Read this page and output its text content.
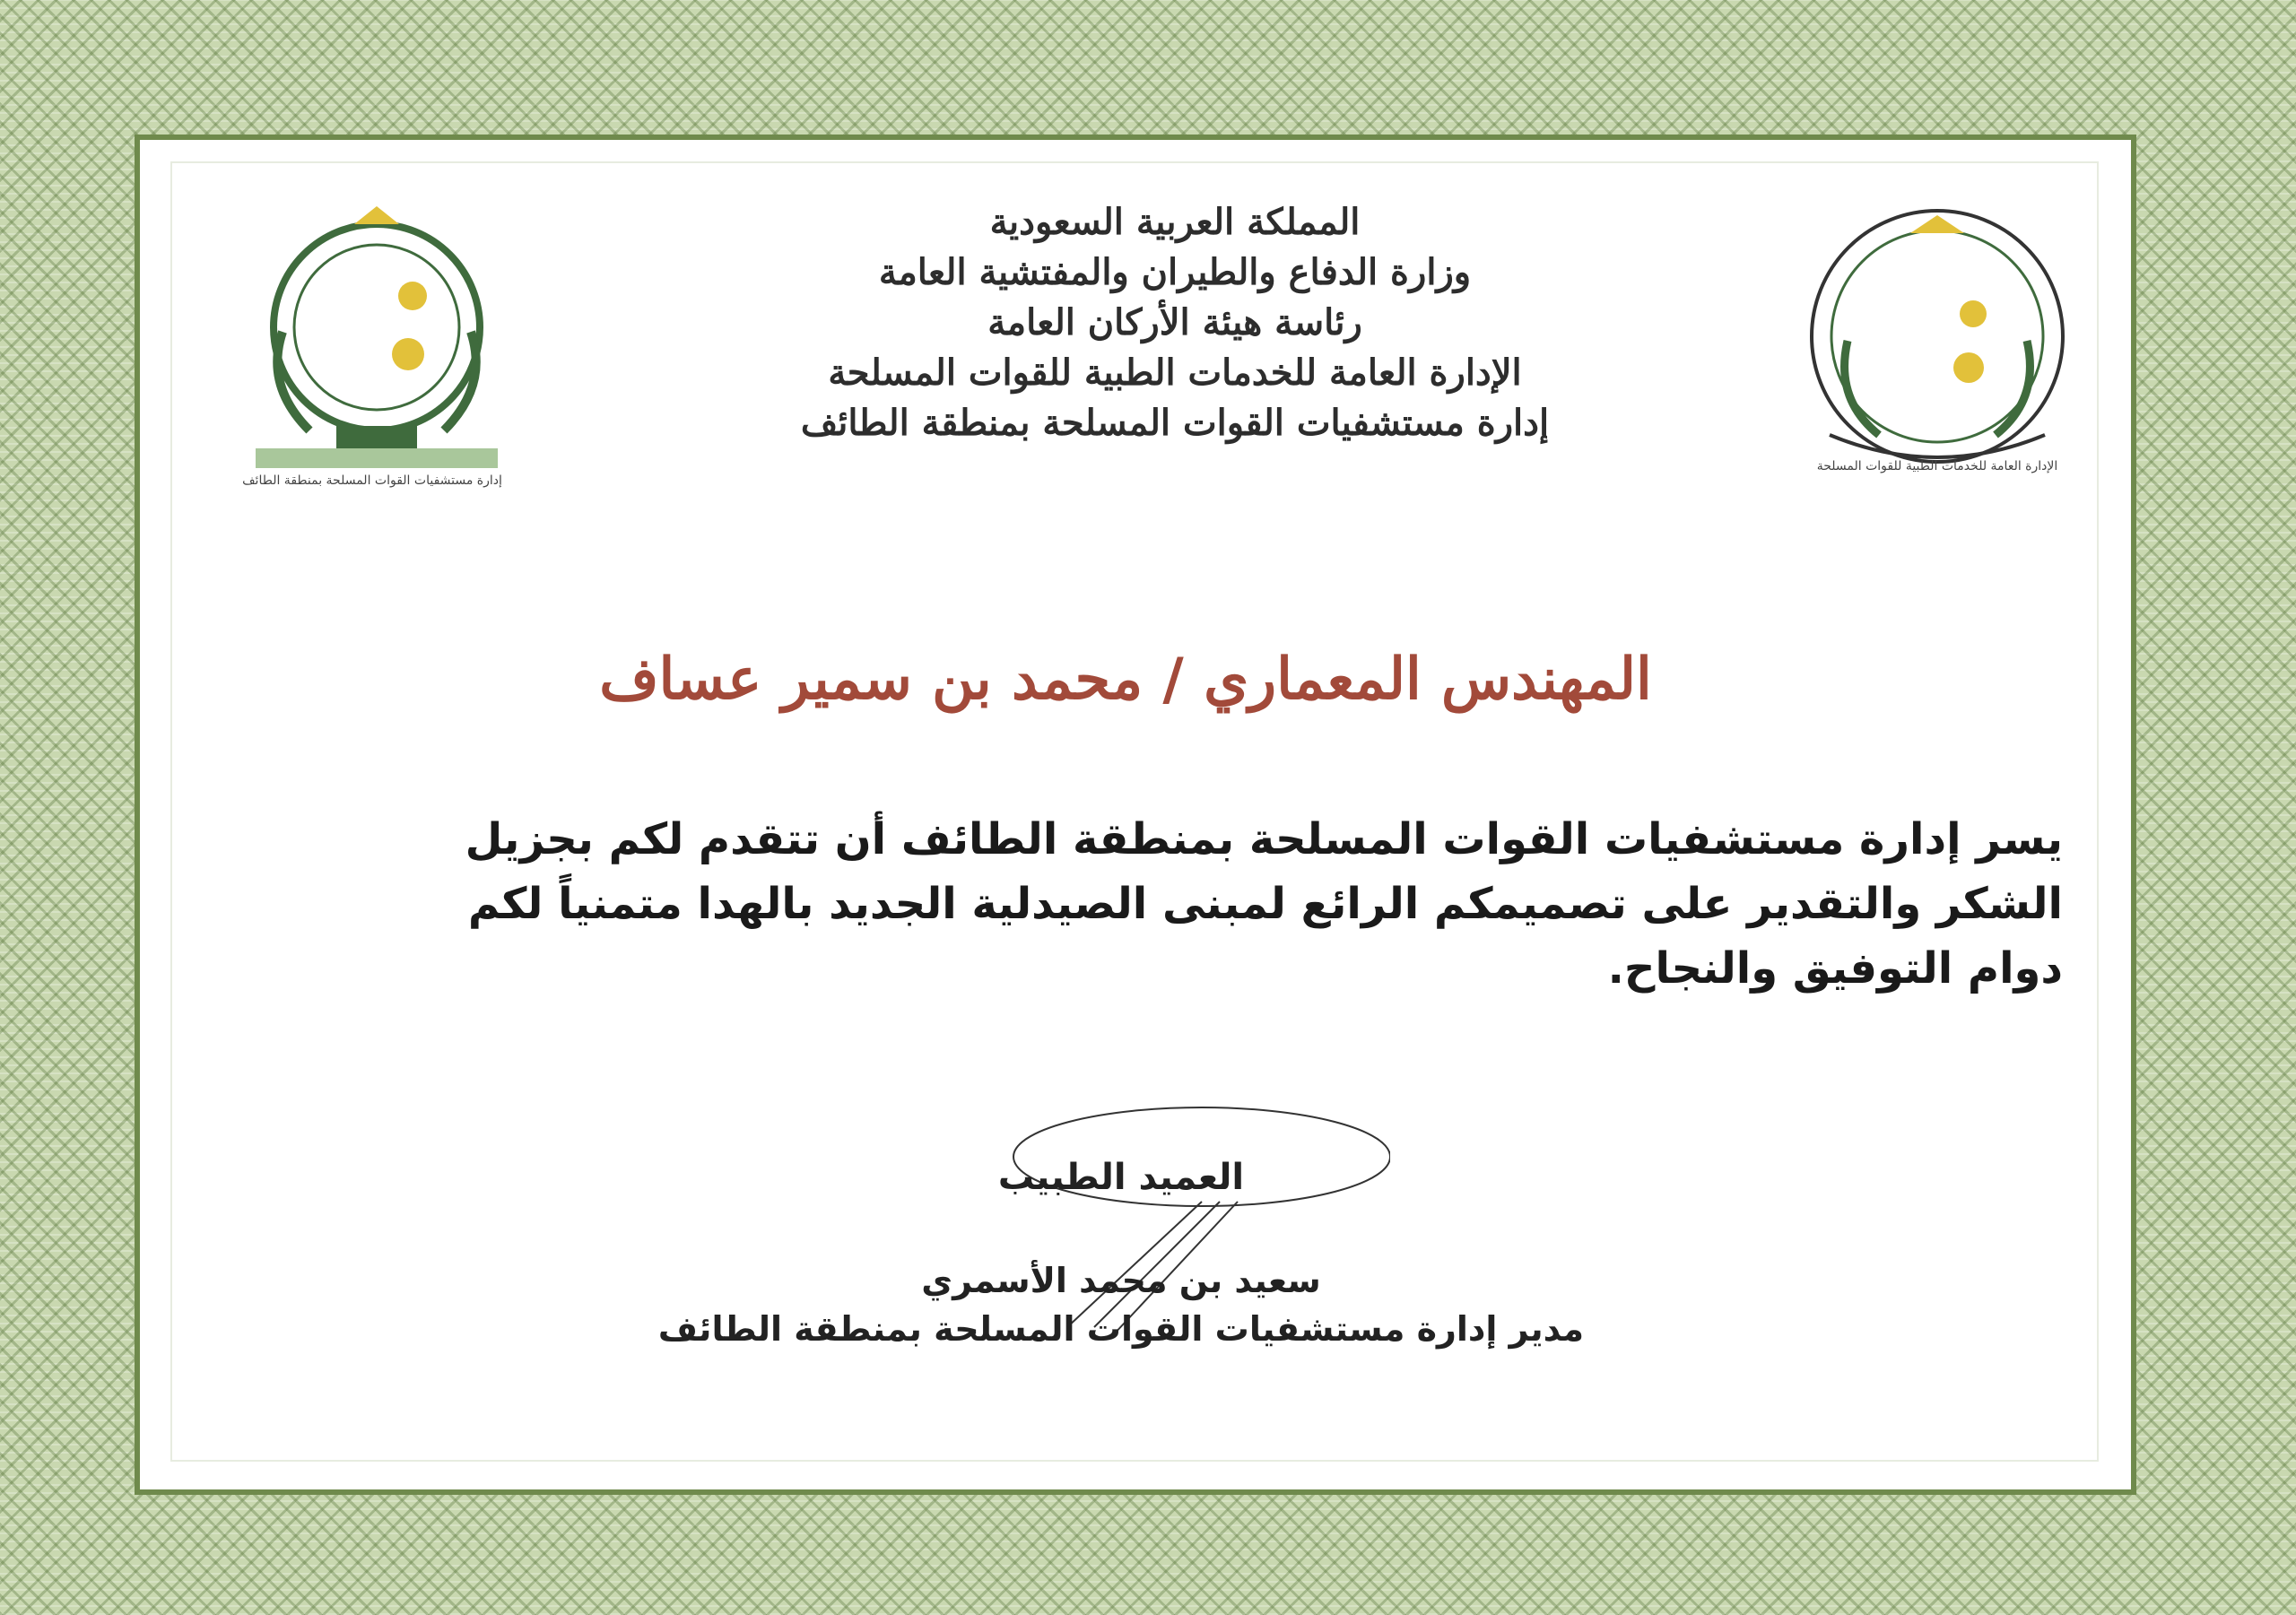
إدارة مستشفيات القوات المسلحة بمنطقة الطائف
الإدارة العامة للخدمات الطبية للقوات المسلحة
المملكة العربية السعودية
وزارة الدفاع والطيران والمفتشية العامة
رئاسة هيئة الأركان العامة
الإدارة العامة للخدمات الطبية للقوات المسلحة
إدارة مستشفيات القوات المسلحة بمنطقة الطائف
المهندس المعماري / محمد بن سمير عساف
يسر إدارة مستشفيات القوات المسلحة بمنطقة الطائف أن تتقدم لكم بجزيل
الشكر والتقدير على تصميمكم الرائع لمبنى الصيدلية الجديد بالهدا متمنياً لكم
دوام التوفيق والنجاح.
العميد الطبيب
سعيد بن محمد الأسمري
مدير إدارة مستشفيات القوات المسلحة بمنطقة الطائف
